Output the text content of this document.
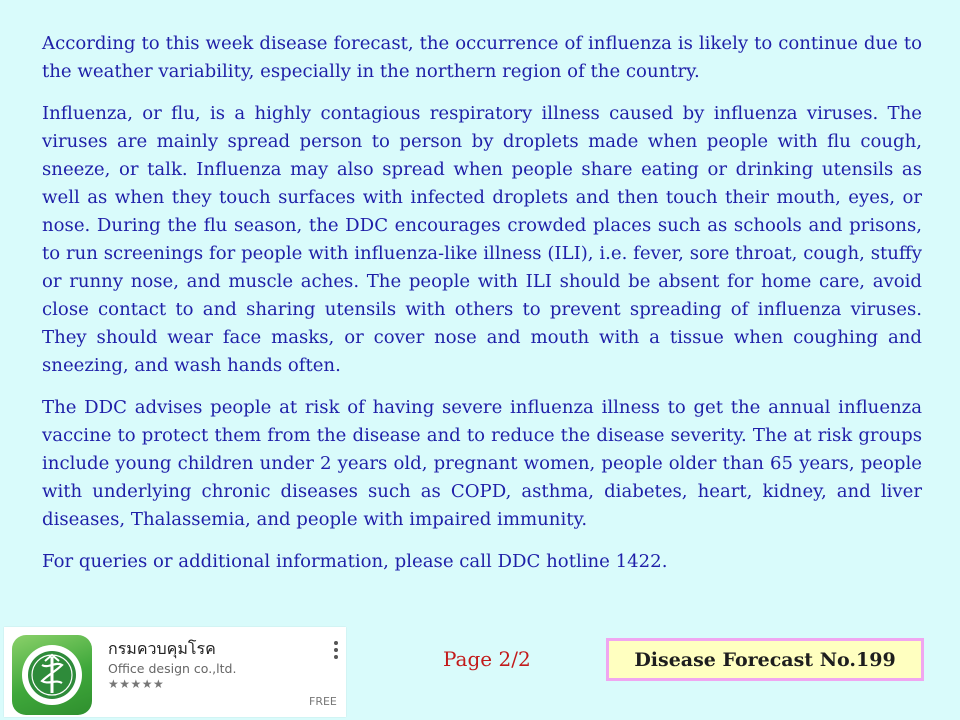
According to this week disease forecast, the occurrence of influenza is likely to continue due to the weather variability, especially in the northern region of the country.

Influenza, or flu, is a highly contagious respiratory illness caused by influenza viruses. The viruses are mainly spread person to person by droplets made when people with flu cough, sneeze, or talk. Influenza may also spread when people share eating or drinking utensils as well as when they touch surfaces with infected droplets and then touch their mouth, eyes, or nose. During the flu season, the DDC encourages crowded places such as schools and prisons, to run screenings for people with influenza-like illness (ILI), i.e. fever, sore throat, cough, stuffy or runny nose, and muscle aches. The people with ILI should be absent for home care, avoid close contact to and sharing utensils with others to prevent spreading of influenza viruses. They should wear face masks, or cover nose and mouth with a tissue when coughing and sneezing, and wash hands often.

The DDC advises people at risk of having severe influenza illness to get the annual influenza vaccine to protect them from the disease and to reduce the disease severity. The at risk groups include young children under 2 years old, pregnant women, people older than 65 years, people with underlying chronic diseases such as COPD, asthma, diabetes, heart, kidney, and liver diseases, Thalassemia, and people with impaired immunity.

For queries or additional information, please call DDC hotline 1422.

กรมควบคุมโรค
Office design co.,ltd.
★★★★★
FREE
Page 2/2	Disease Forecast No.199
